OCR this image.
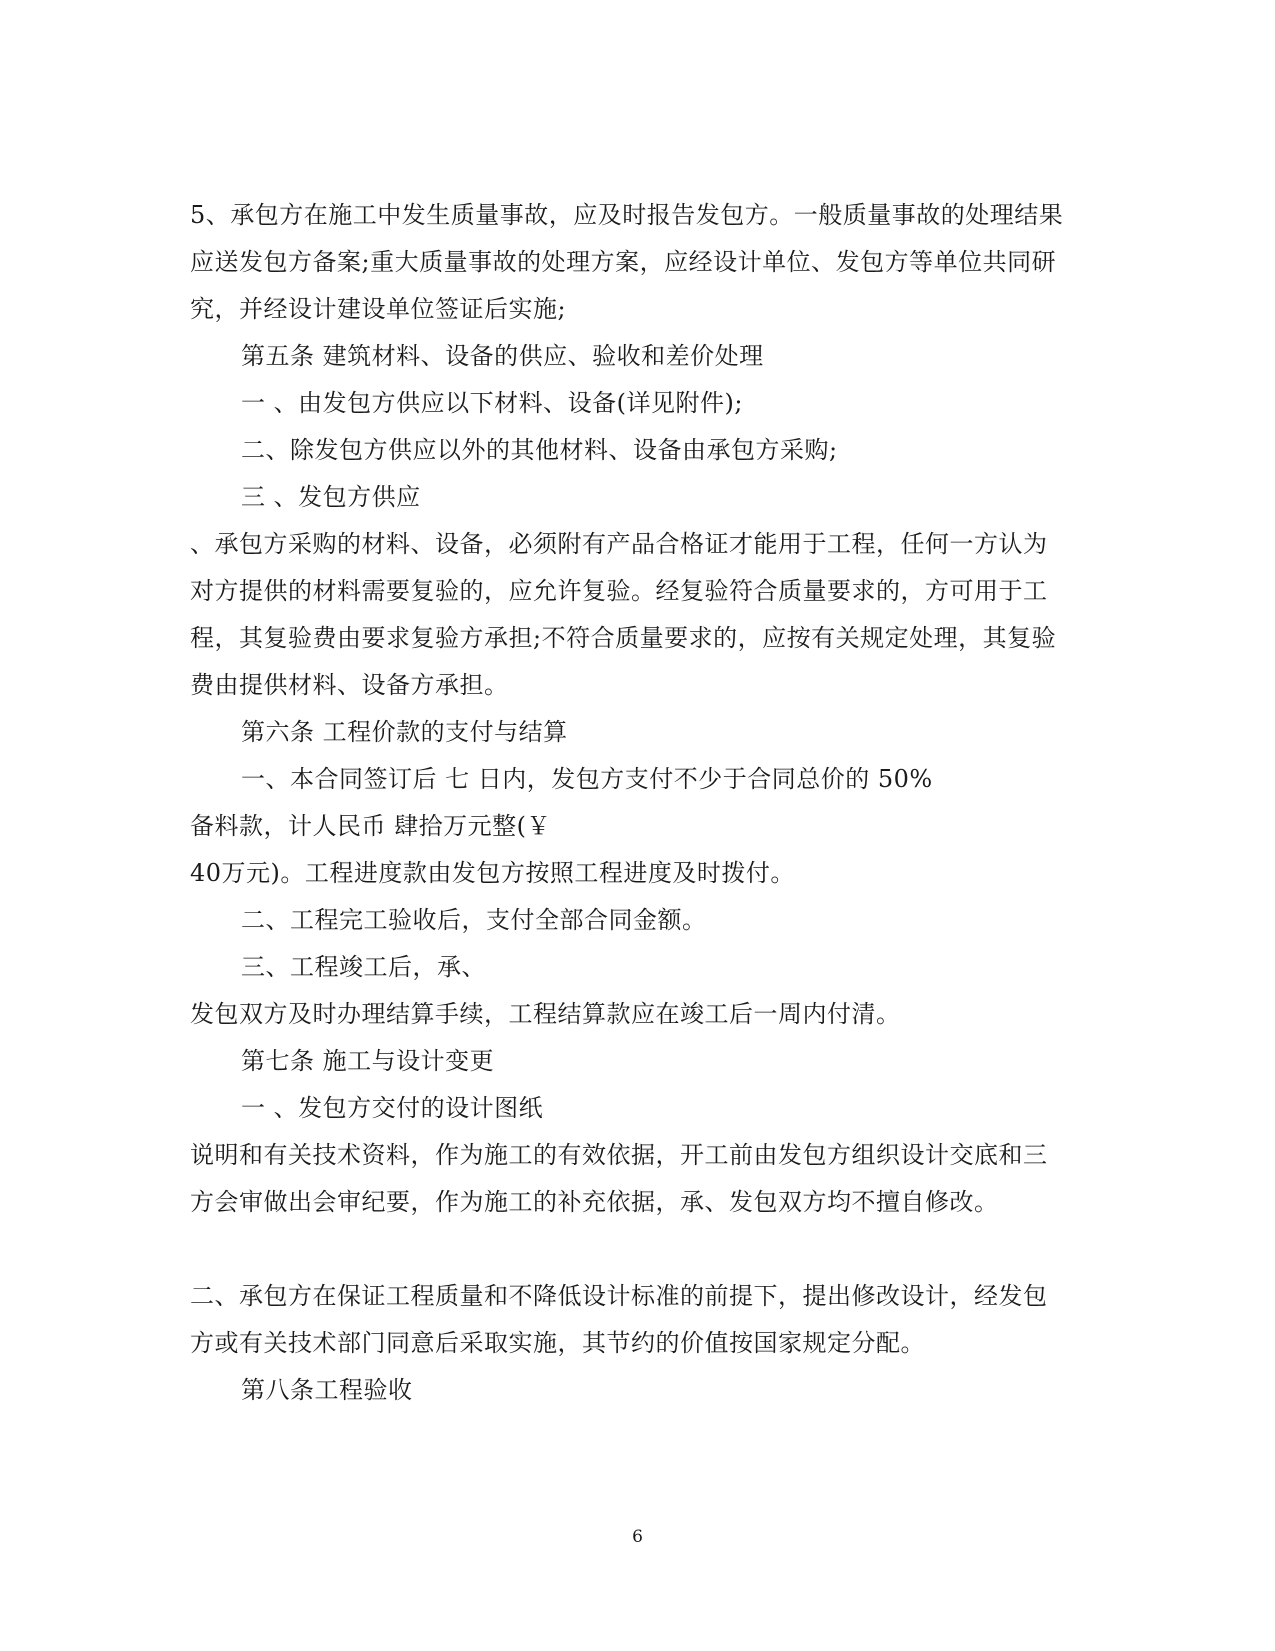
5、承包方在施工中发生质量事故，应及时报告发包方。一般质量事故的处理结果
应送发包方备案;重大质量事故的处理方案，应经设计单位、发包方等单位共同研
究，并经设计建设单位签证后实施;
第五条 建筑材料、设备的供应、验收和差价处理
一 、由发包方供应以下材料、设备(详见附件);
二、除发包方供应以外的其他材料、设备由承包方采购;
三 、发包方供应
、承包方采购的材料、设备，必须附有产品合格证才能用于工程，任何一方认为
对方提供的材料需要复验的，应允许复验。经复验符合质量要求的，方可用于工
程，其复验费由要求复验方承担;不符合质量要求的，应按有关规定处理，其复验
费由提供材料、设备方承担。
第六条 工程价款的支付与结算
一、本合同签订后 七 日内，发包方支付不少于合同总价的 50%
备料款，计人民币 肆拾万元整(￥
40万元)。工程进度款由发包方按照工程进度及时拨付。
二、工程完工验收后，支付全部合同金额。
三、工程竣工后，承、
发包双方及时办理结算手续，工程结算款应在竣工后一周内付清。
第七条 施工与设计变更
一 、发包方交付的设计图纸
说明和有关技术资料，作为施工的有效依据，开工前由发包方组织设计交底和三
方会审做出会审纪要，作为施工的补充依据，承、发包双方均不擅自修改。
二、承包方在保证工程质量和不降低设计标准的前提下，提出修改设计，经发包
方或有关技术部门同意后采取实施，其节约的价值按国家规定分配。
第八条工程验收
6
